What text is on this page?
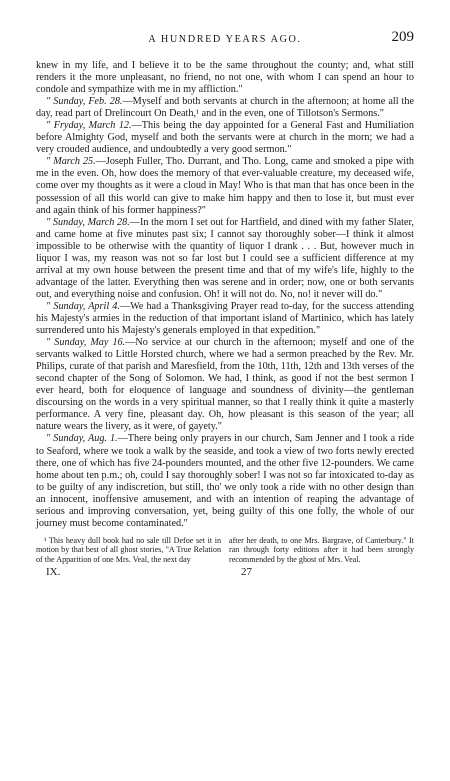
A HUNDRED YEARS AGO.	209

knew in my life, and I believe it to be the same throughout the county; and, what still renders it the more unpleasant, no friend, no not one, with whom I can spend an hour to condole and sympathize with me in my affliction."

" Sunday, Feb. 28.—Myself and both servants at church in the afternoon; at home all the day, read part of Drelincourt On Death,¹ and in the even, one of Tillotson's Sermons."

" Fryday, March 12.—This being the day appointed for a General Fast and Humiliation before Almighty God, myself and both the servants were at church in the morn; we had a very crouded audience, and undoubtedly a very good sermon."

" March 25.—Joseph Fuller, Tho. Durrant, and Tho. Long, came and smoked a pipe with me in the even. Oh, how does the memory of that ever-valuable creature, my deceased wife, come over my thoughts as it were a cloud in May! Who is that man that has once been in the possession of all this world can give to make him happy and then to lose it, but must ever and again think of his former happiness?"

" Sunday, March 28.—In the morn I set out for Hartfield, and dined with my father Slater, and came home at five minutes past six; I cannot say thoroughly sober—I think it almost impossible to be otherwise with the quantity of liquor I drank . . . But, however much in liquor I was, my reason was not so far lost but I could see a sufficient difference at my arrival at my own house between the present time and that of my wife's life, highly to the advantage of the latter. Everything then was serene and in order; now, one or both servants out, and everything noise and confusion. Oh! it will not do. No, no! it never will do."

" Sunday, April 4.—We had a Thanksgiving Prayer read to-day, for the success attending his Majesty's armies in the reduction of that important island of Martinico, which has lately surrendered unto his Majesty's generals employed in that expedition."

" Sunday, May 16.—No service at our church in the afternoon; myself and one of the servants walked to Little Horsted church, where we had a sermon preached by the Rev. Mr. Philips, curate of that parish and Maresfield, from the 10th, 11th, 12th and 13th verses of the second chapter of the Song of Solomon. We had, I think, as good if not the best sermon I ever heard, both for eloquence of language and soundness of divinity—the gentleman discoursing on the words in a very spiritual manner, so that I really think it quite a masterly performance. A very fine, pleasant day. Oh, how pleasant is this season of the year; all nature wears the livery, as it were, of gayety."

" Sunday, Aug. 1.—There being only prayers in our church, Sam Jenner and I took a ride to Seaford, where we took a walk by the seaside, and took a view of two forts newly erected there, one of which has five 24-pounders mounted, and the other five 12-pounders. We came home about ten p.m.; oh, could I say thoroughly sober! I was not so far intoxicated to-day as to be guilty of any indiscretion, but still, tho' we only took a ride with no other design than an innocent, inoffensive amusement, and with an intention of reaping the advantage of serious and improving conversation, yet, being guilty of this one folly, the whole of our journey must become contaminated."

¹ This heavy dull book had no sale till Defoe set it in motion by that best of all ghost stories, "A True Relation of the Apparition of one Mrs. Veal, the next day

after her death, to one Mrs. Bargrave, of Canterbury." It ran through forty editions after it had been strongly recommended by the ghost of Mrs. Veal.

IX.	27
